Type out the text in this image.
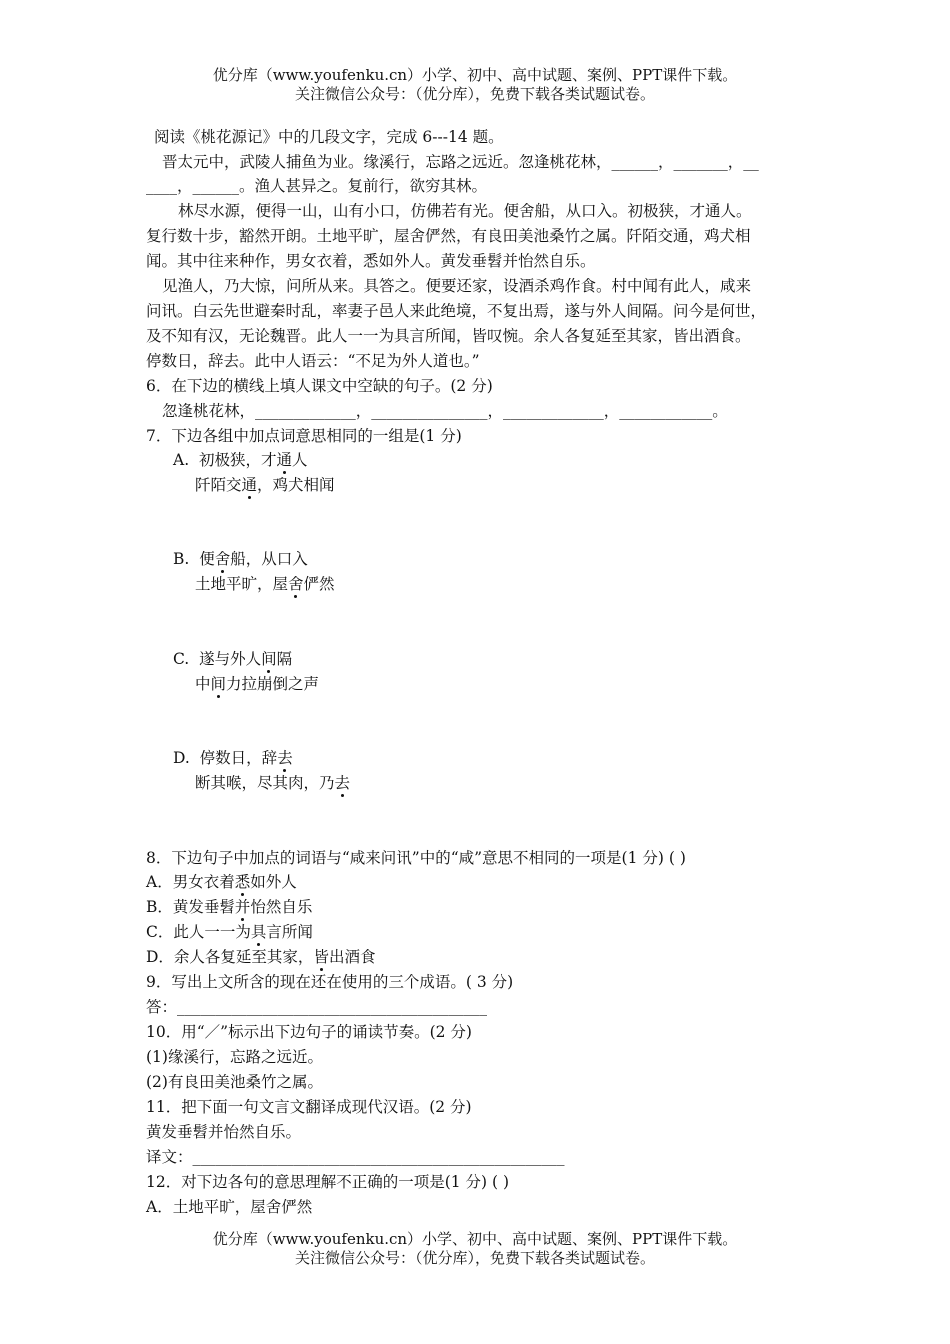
优分库（www.youfenku.cn）小学、初中、高中试题、案例、PPT课件下载。
关注微信公众号：（优分库），免费下载各类试题试卷。
阅读《桃花源记》中的几段文字，完成 6---14 题。
晋太元中，武陵人捕鱼为业。缘溪行，忘路之远近。忽逢桃花林，______，_______，__
____，______。渔人甚异之。复前行，欲穷其林。
林尽水源，便得一山，山有小口，仿佛若有光。便舍船，从口入。初极狭，才通人。
复行数十步，豁然开朗。土地平旷，屋舍俨然，有良田美池桑竹之属。阡陌交通，鸡犬相
闻。其中往来种作，男女衣着，悉如外人。黄发垂髫并怡然自乐。
见渔人，乃大惊，问所从来。具答之。便要还家，设酒杀鸡作食。村中闻有此人，咸来
问讯。白云先世避秦时乱，率妻子邑人来此绝境，不复出焉，遂与外人间隔。问今是何世，
及不知有汉，无论魏晋。此人一一为具言所闻，皆叹惋。余人各复延至其家，皆出酒食。
停数日，辞去。此中人语云：“不足为外人道也。”
6．在下边的横线上填人课文中空缺的句子。(2 分)
忽逢桃花林，_____________，_______________，_____________，____________。
7．下边各组中加点词意思相同的一组是(1 分)
A. 初极狭，才通人
阡陌交通，鸡犬相闻
B. 便舍船，从口入
土地平旷，屋舍俨然
C. 遂与外人间隔
中间力拉崩倒之声
D. 停数日，辞去
断其喉，尽其肉，乃去
8．下边句子中加点的词语与“咸来问讯”中的“咸”意思不相同的一项是(1 分) ( )
A．男女衣着悉如外人
B．黄发垂髫并怡然自乐
C．此人一一为具言所闻
D．余人各复延至其家，皆出酒食
9．写出上文所含的现在还在使用的三个成语。( 3 分)
答：________________________________________
10．用“／”标示出下边句子的诵读节奏。(2 分)
(1)缘溪行，忘路之远近。
(2)有良田美池桑竹之属。
11．把下面一句文言文翻译成现代汉语。(2 分)
黄发垂髫并怡然自乐。
译文：________________________________________________
12．对下边各句的意思理解不正确的一项是(1 分) ( )
A．土地平旷，屋舍俨然
优分库（www.youfenku.cn）小学、初中、高中试题、案例、PPT课件下载。
关注微信公众号：（优分库），免费下载各类试题试卷。
